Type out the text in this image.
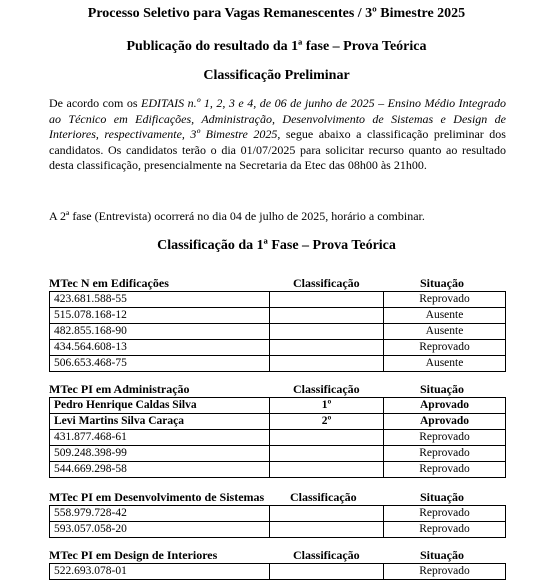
Processo Seletivo para Vagas Remanescentes / 3º Bimestre 2025
Publicação do resultado da 1ª fase – Prova Teórica
Classificação Preliminar
De acordo com os EDITAIS n.º 1, 2, 3 e 4, de 06 de junho de 2025 – Ensino Médio Integrado ao Técnico em Edificações, Administração, Desenvolvimento de Sistemas e Design de Interiores, respectivamente, 3º Bimestre 2025, segue abaixo a classificação preliminar dos candidatos. Os candidatos terão o dia 01/07/2025 para solicitar recurso quanto ao resultado desta classificação, presencialmente na Secretaria da Etec das 08h00 às 21h00.
A 2ª fase (Entrevista) ocorrerá no dia 04 de julho de 2025, horário a combinar.
Classificação da 1ª Fase – Prova Teórica
MTec N em Edificações	Classificação	Situação
423.681.588-55		Reprovado
515.078.168-12		Ausente
482.855.168-90		Ausente
434.564.608-13		Reprovado
506.653.468-75		Ausente
MTec PI em Administração	Classificação	Situação
Pedro Henrique Caldas Silva	1º	Aprovado
Levi Martins Silva Caraça	2º	Aprovado
431.877.468-61		Reprovado
509.248.398-99		Reprovado
544.669.298-58		Reprovado
MTec PI em Desenvolvimento de Sistemas Classificação	Situação
558.979.728-42		Reprovado
593.057.058-20		Reprovado
MTec PI em Design de Interiores	Classificação	Situação
522.693.078-01		Reprovado
